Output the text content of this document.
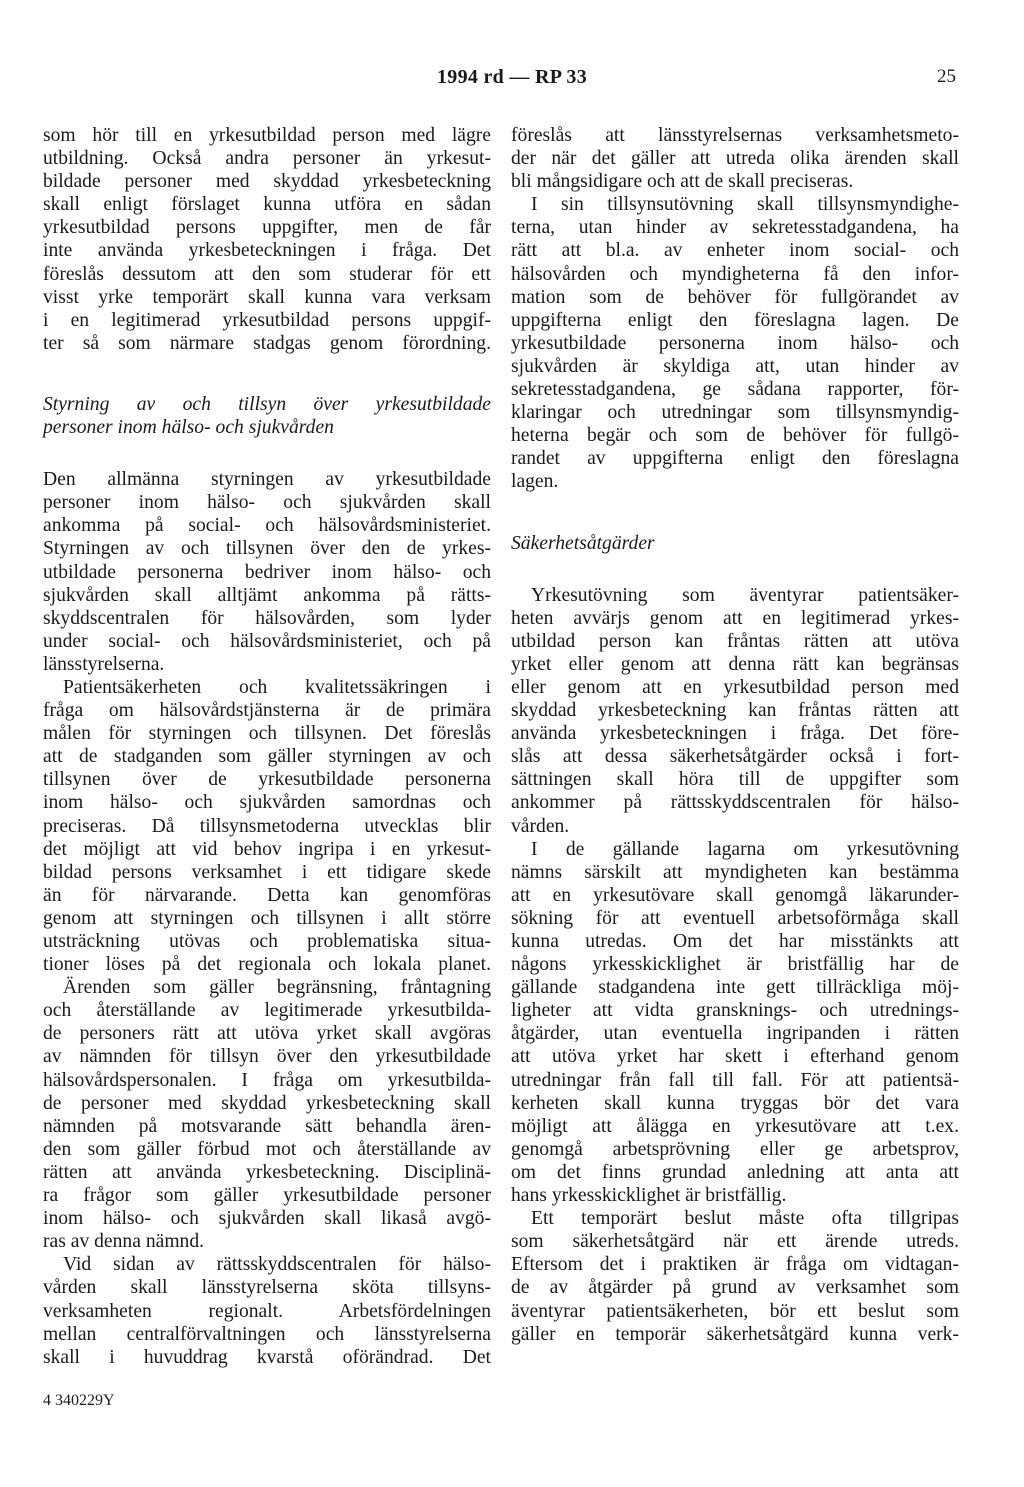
1994 rd — RP 33	25
som hör till en yrkesutbildad person med lägre
utbildning. Också andra personer än yrkesut-
bildade personer med skyddad yrkesbeteckning
skall enligt förslaget kunna utföra en sådan
yrkesutbildad persons uppgifter, men de får
inte använda yrkesbeteckningen i fråga. Det
föreslås dessutom att den som studerar för ett
visst yrke temporärt skall kunna vara verksam
i en legitimerad yrkesutbildad persons uppgif-
ter så som närmare stadgas genom förordning.
Styrning av och tillsyn över yrkesutbildade
personer inom hälso- och sjukvården
Den allmänna styrningen av yrkesutbildade
personer inom hälso- och sjukvården skall
ankomma på social- och hälsovårdsministeriet.
Styrningen av och tillsynen över den de yrkes-
utbildade personerna bedriver inom hälso- och
sjukvården skall alltjämt ankomma på rätts-
skyddscentralen för hälsovården, som lyder
under social- och hälsovårdsministeriet, och på
länsstyrelserna.
Patientsäkerheten och kvalitetssäkringen i
fråga om hälsovårdstjänsterna är de primära
målen för styrningen och tillsynen. Det föreslås
att de stadganden som gäller styrningen av och
tillsynen över de yrkesutbildade personerna
inom hälso- och sjukvården samordnas och
preciseras. Då tillsynsmetoderna utvecklas blir
det möjligt att vid behov ingripa i en yrkesut-
bildad persons verksamhet i ett tidigare skede
än för närvarande. Detta kan genomföras
genom att styrningen och tillsynen i allt större
utsträckning utövas och problematiska situa-
tioner löses på det regionala och lokala planet.
Ärenden som gäller begränsning, fråntagning
och återställande av legitimerade yrkesutbilda-
de personers rätt att utöva yrket skall avgöras
av nämnden för tillsyn över den yrkesutbildade
hälsovårdspersonalen. I fråga om yrkesutbilda-
de personer med skyddad yrkesbeteckning skall
nämnden på motsvarande sätt behandla ären-
den som gäller förbud mot och återställande av
rätten att använda yrkesbeteckning. Disciplinä-
ra frågor som gäller yrkesutbildade personer
inom hälso- och sjukvården skall likaså avgö-
ras av denna nämnd.
Vid sidan av rättsskyddscentralen för hälso-
vården skall länsstyrelserna sköta tillsyns-
verksamheten regionalt. Arbetsfördelningen
mellan centralförvaltningen och länsstyrelserna
skall i huvuddrag kvarstå oförändrad. Det
föreslås att länsstyrelsernas verksamhetsmeto-
der när det gäller att utreda olika ärenden skall
bli mångsidigare och att de skall preciseras.
I sin tillsynsutövning skall tillsynsmyndighe-
terna, utan hinder av sekretesstadgandena, ha
rätt att bl.a. av enheter inom social- och
hälsovården och myndigheterna få den infor-
mation som de behöver för fullgörandet av
uppgifterna enligt den föreslagna lagen. De
yrkesutbildade personerna inom hälso- och
sjukvården är skyldiga att, utan hinder av
sekretesstadgandena, ge sådana rapporter, för-
klaringar och utredningar som tillsynsmyndig-
heterna begär och som de behöver för fullgö-
randet av uppgifterna enligt den föreslagna
lagen.
Säkerhetsåtgärder
Yrkesutövning som äventyrar patientsäker-
heten avvärjs genom att en legitimerad yrkes-
utbildad person kan fråntas rätten att utöva
yrket eller genom att denna rätt kan begränsas
eller genom att en yrkesutbildad person med
skyddad yrkesbeteckning kan fråntas rätten att
använda yrkesbeteckningen i fråga. Det före-
slås att dessa säkerhetsåtgärder också i fort-
sättningen skall höra till de uppgifter som
ankommer på rättsskyddscentralen för hälso-
vården.
I de gällande lagarna om yrkesutövning
nämns särskilt att myndigheten kan bestämma
att en yrkesutövare skall genomgå läkarunder-
sökning för att eventuell arbetsoförmåga skall
kunna utredas. Om det har misstänkts att
någons yrkesskicklighet är bristfällig har de
gällande stadgandena inte gett tillräckliga möj-
ligheter att vidta gransknings- och utrednings-
åtgärder, utan eventuella ingripanden i rätten
att utöva yrket har skett i efterhand genom
utredningar från fall till fall. För att patientsä-
kerheten skall kunna tryggas bör det vara
möjligt att ålägga en yrkesutövare att t.ex.
genomgå arbetsprövning eller ge arbetsprov,
om det finns grundad anledning att anta att
hans yrkesskicklighet är bristfällig.
Ett temporärt beslut måste ofta tillgripas
som säkerhetsåtgärd när ett ärende utreds.
Eftersom det i praktiken är fråga om vidtagan-
de av åtgärder på grund av verksamhet som
äventyrar patientsäkerheten, bör ett beslut som
gäller en temporär säkerhetsåtgärd kunna verk-
4 340229Y
